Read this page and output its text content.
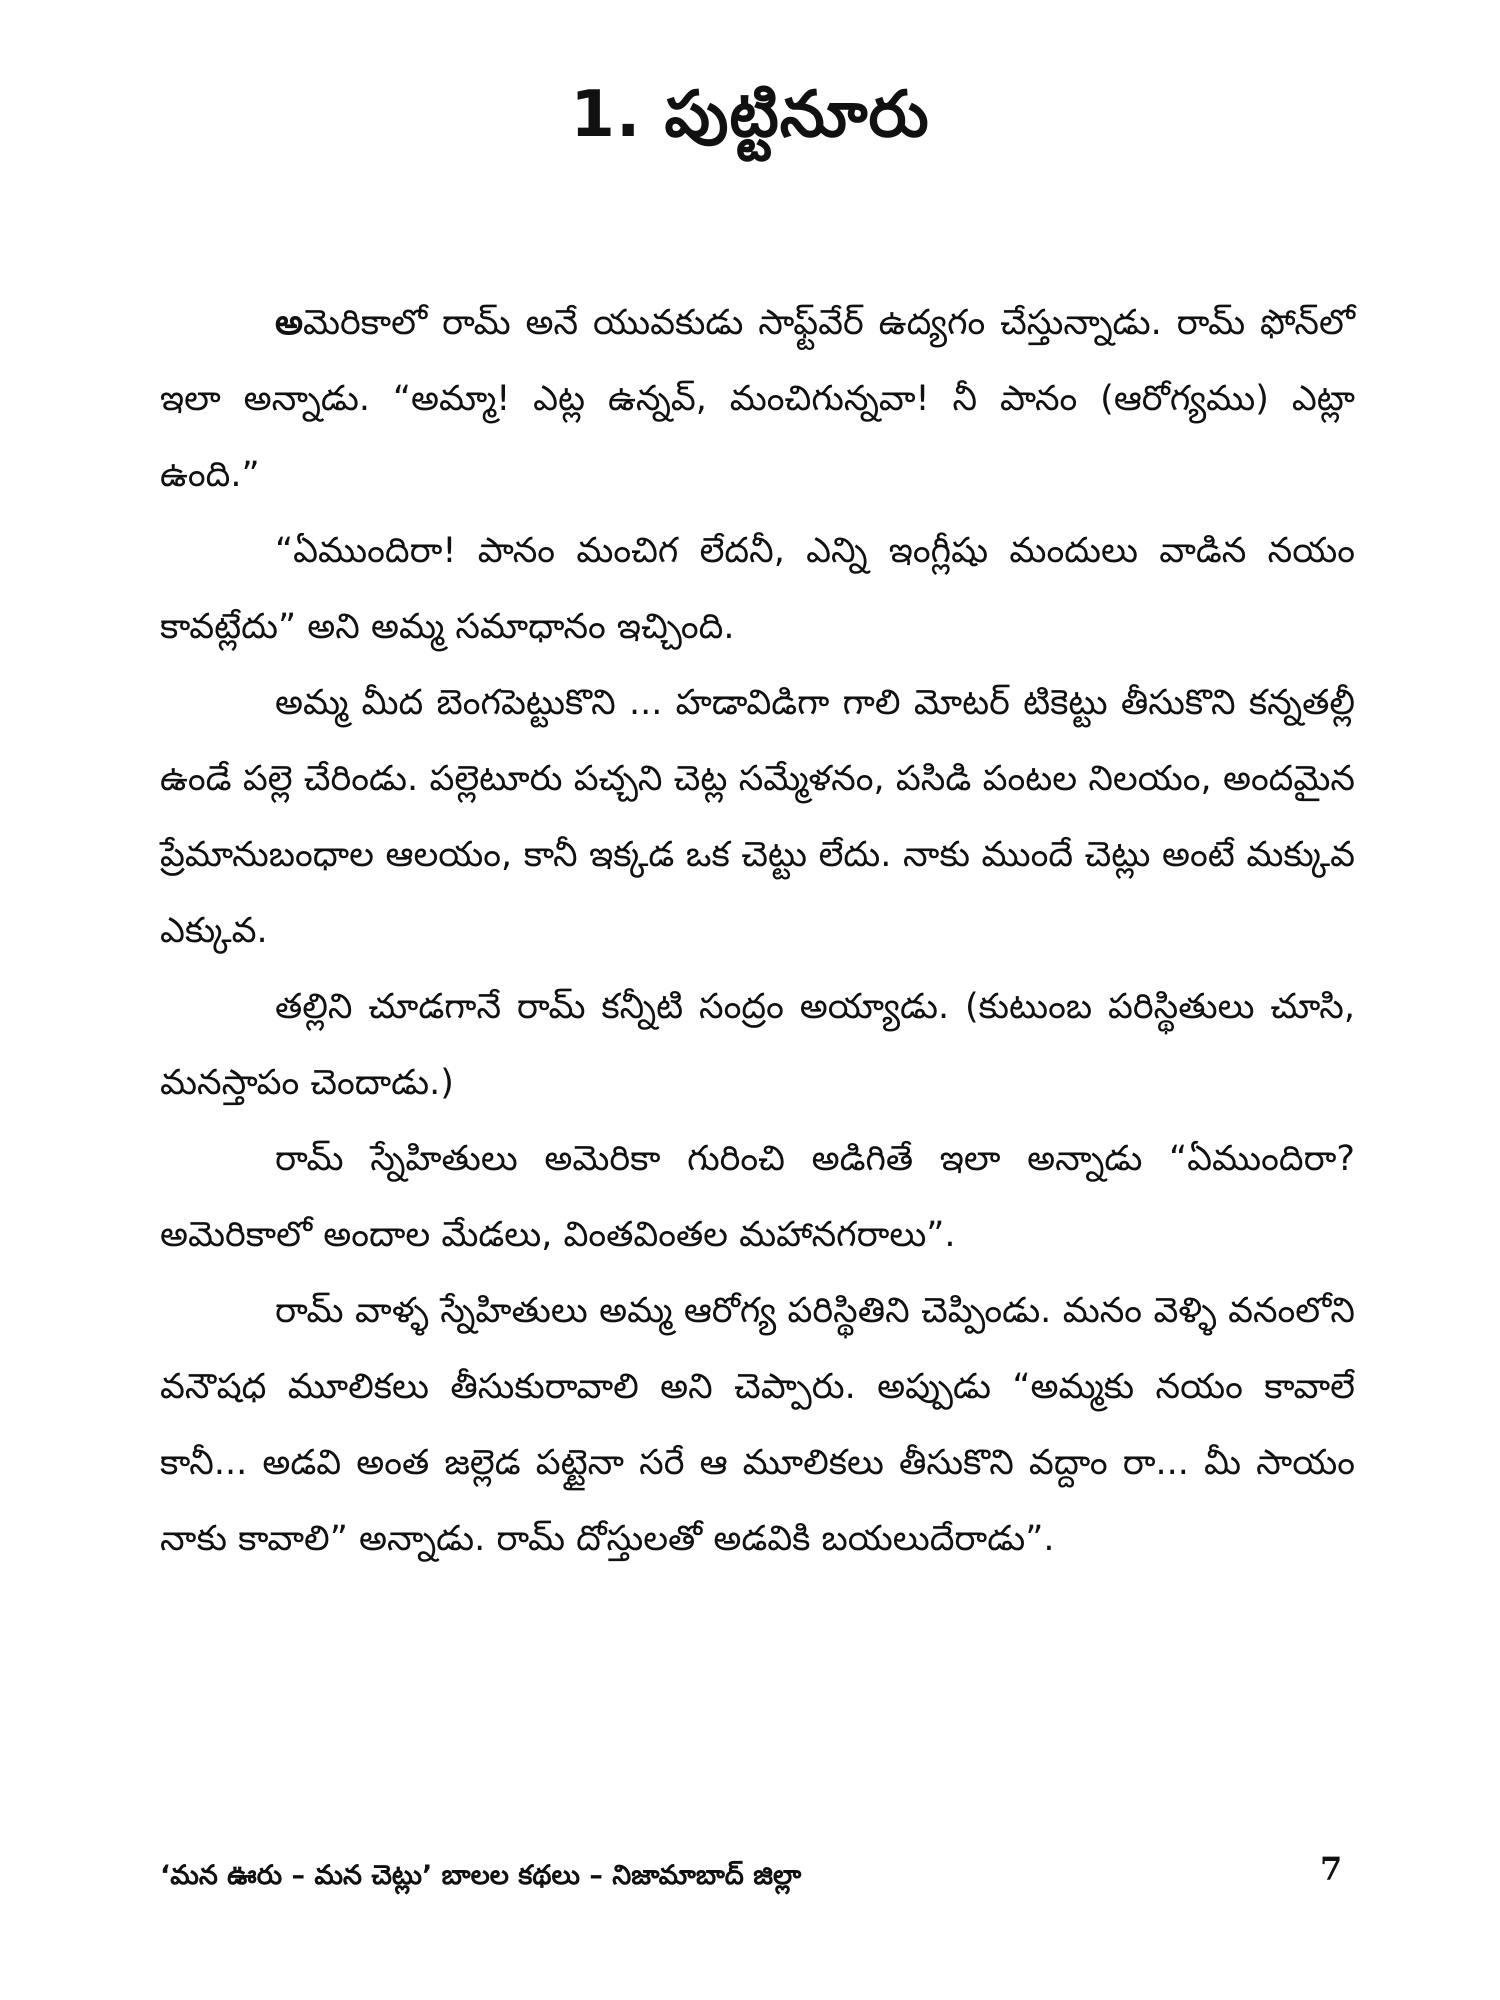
1. పుట్టినూరు

అమెరికాలో రామ్ అనే యువకుడు సాఫ్ట్‌వేర్ ఉద్యగం చేస్తున్నాడు. రామ్ ఫోన్‌లో ఇలా అన్నాడు. “అమ్మా! ఎట్ల ఉన్నవ్, మంచిగున్నవా! నీ పానం (ఆరోగ్యము) ఎట్లా ఉంది.”

“ఏముందిరా! పానం మంచిగ లేదనీ, ఎన్ని ఇంగ్లీషు మందులు వాడిన నయం కావట్లేదు” అని అమ్మ సమాధానం ఇచ్చింది.

అమ్మ మీద బెంగపెట్టుకొని ... హడావిడిగా గాలి మోటర్ టికెట్టు తీసుకొని కన్నతల్లీ ఉండే పల్లె చేరిండు. పల్లెటూరు పచ్చని చెట్ల సమ్మేళనం, పసిడి పంటల నిలయం, అందమైన ప్రేమానుబంధాల ఆలయం, కానీ ఇక్కడ ఒక చెట్టు లేదు. నాకు ముందే చెట్లు అంటే మక్కువ ఎక్కువ.

తల్లిని చూడగానే రామ్ కన్నీటి సంద్రం అయ్యాడు. (కుటుంబ పరిస్థితులు చూసి, మనస్తాపం చెందాడు.)

రామ్ స్నేహితులు అమెరికా గురించి అడిగితే ఇలా అన్నాడు “ఏముందిరా? అమెరికాలో అందాల మేడలు, వింతవింతల మహానగరాలు”.

రామ్ వాళ్ళ స్నేహితులు అమ్మ ఆరోగ్య పరిస్థితిని చెప్పిండు. మనం వెళ్ళి వనంలోని వనౌషధ మూలికలు తీసుకురావాలి అని చెప్పారు. అప్పుడు “అమ్మకు నయం కావాలే కానీ... అడవి అంత జల్లెడ పట్టైనా సరే ఆ మూలికలు తీసుకొని వద్దాం రా... మీ సాయం నాకు కావాలి” అన్నాడు. రామ్ దోస్తులతో అడవికి బయలుదేరాడు”.

‘మన ఊరు – మన చెట్లు’ బాలల కథలు – నిజామాబాద్ జిల్లా	7
